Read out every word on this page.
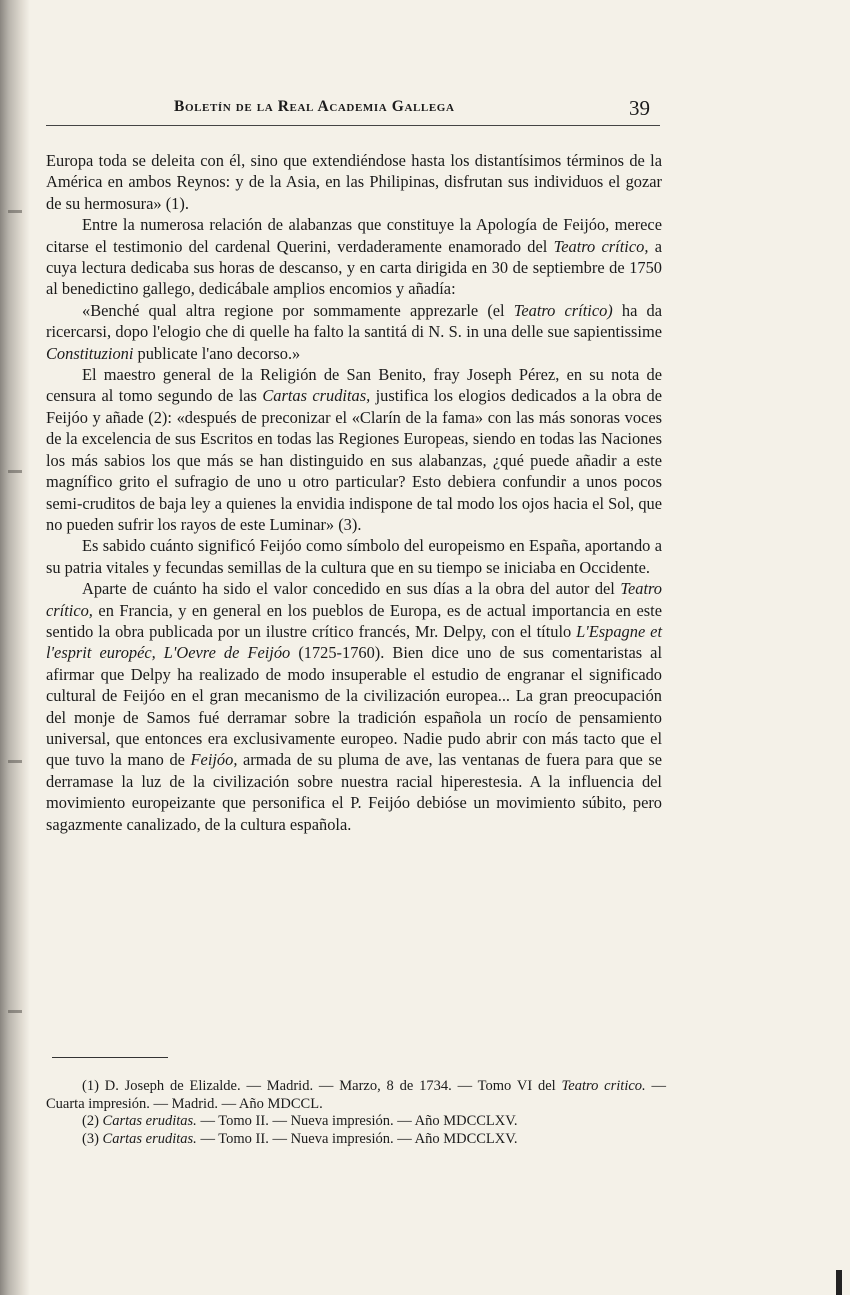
Boletín de la Real Academia Gallega	39

Europa toda se deleita con él, sino que extendiéndose hasta los distantísimos términos de la América en ambos Reynos: y de la Asia, en las Philipinas, disfrutan sus individuos el gozar de su hermosura» (1).

Entre la numerosa relación de alabanzas que constituye la Apología de Feijóo, merece citarse el testimonio del cardenal Querini, verdaderamente enamorado del Teatro crítico, a cuya lectura dedicaba sus horas de descanso, y en carta dirigida en 30 de septiembre de 1750 al benedictino gallego, dedicábale amplios encomios y añadía:

«Benché qual altra regione por sommamente apprezarle (el Teatro crítico) ha da ricercarsi, dopo l'elogio che di quelle ha falto la santitá di N. S. in una delle sue sapientissime Constituzioni publicate l'ano decorso.»

El maestro general de la Religión de San Benito, fray Joseph Pérez, en su nota de censura al tomo segundo de las Cartas cruditas, justifica los elogios dedicados a la obra de Feijóo y añade (2): «después de preconizar el «Clarín de la fama» con las más sonoras voces de la excelencia de sus Escritos en todas las Regiones Europeas, siendo en todas las Naciones los más sabios los que más se han distinguido en sus alabanzas, ¿qué puede añadir a este magnífico grito el sufragio de uno u otro particular? Esto debiera confundir a unos pocos semi-cruditos de baja ley a quienes la envidia indispone de tal modo los ojos hacia el Sol, que no pueden sufrir los rayos de este Luminar» (3).

Es sabido cuánto significó Feijóo como símbolo del europeismo en España, aportando a su patria vitales y fecundas semillas de la cultura que en su tiempo se iniciaba en Occidente.

Aparte de cuánto ha sido el valor concedido en sus días a la obra del autor del Teatro crítico, en Francia, y en general en los pueblos de Europa, es de actual importancia en este sentido la obra publicada por un ilustre crítico francés, Mr. Delpy, con el título L'Espagne et l'esprit européc, L'Oevre de Feijóo (1725-1760). Bien dice uno de sus comentaristas al afirmar que Delpy ha realizado de modo insuperable el estudio de engranar el significado cultural de Feijóo en el gran mecanismo de la civilización europea... La gran preocupación del monje de Samos fué derramar sobre la tradición española un rocío de pensamiento universal, que entonces era exclusivamente europeo. Nadie pudo abrir con más tacto que el que tuvo la mano de Feijóo, armada de su pluma de ave, las ventanas de fuera para que se derramase la luz de la civilización sobre nuestra racial hiperestesia. A la influencia del movimiento europeizante que personifica el P. Feijóo debióse un movimiento súbito, pero sagazmente canalizado, de la cultura española.

(1) D. Joseph de Elizalde. — Madrid. — Marzo, 8 de 1734. — Tomo VI del Teatro critico. — Cuarta impresión. — Madrid. — Año MDCCL.

(2) Cartas eruditas. — Tomo II. — Nueva impresión. — Año MDCCLXV.

(3) Cartas eruditas. — Tomo II. — Nueva impresión. — Año MDCCLXV.
